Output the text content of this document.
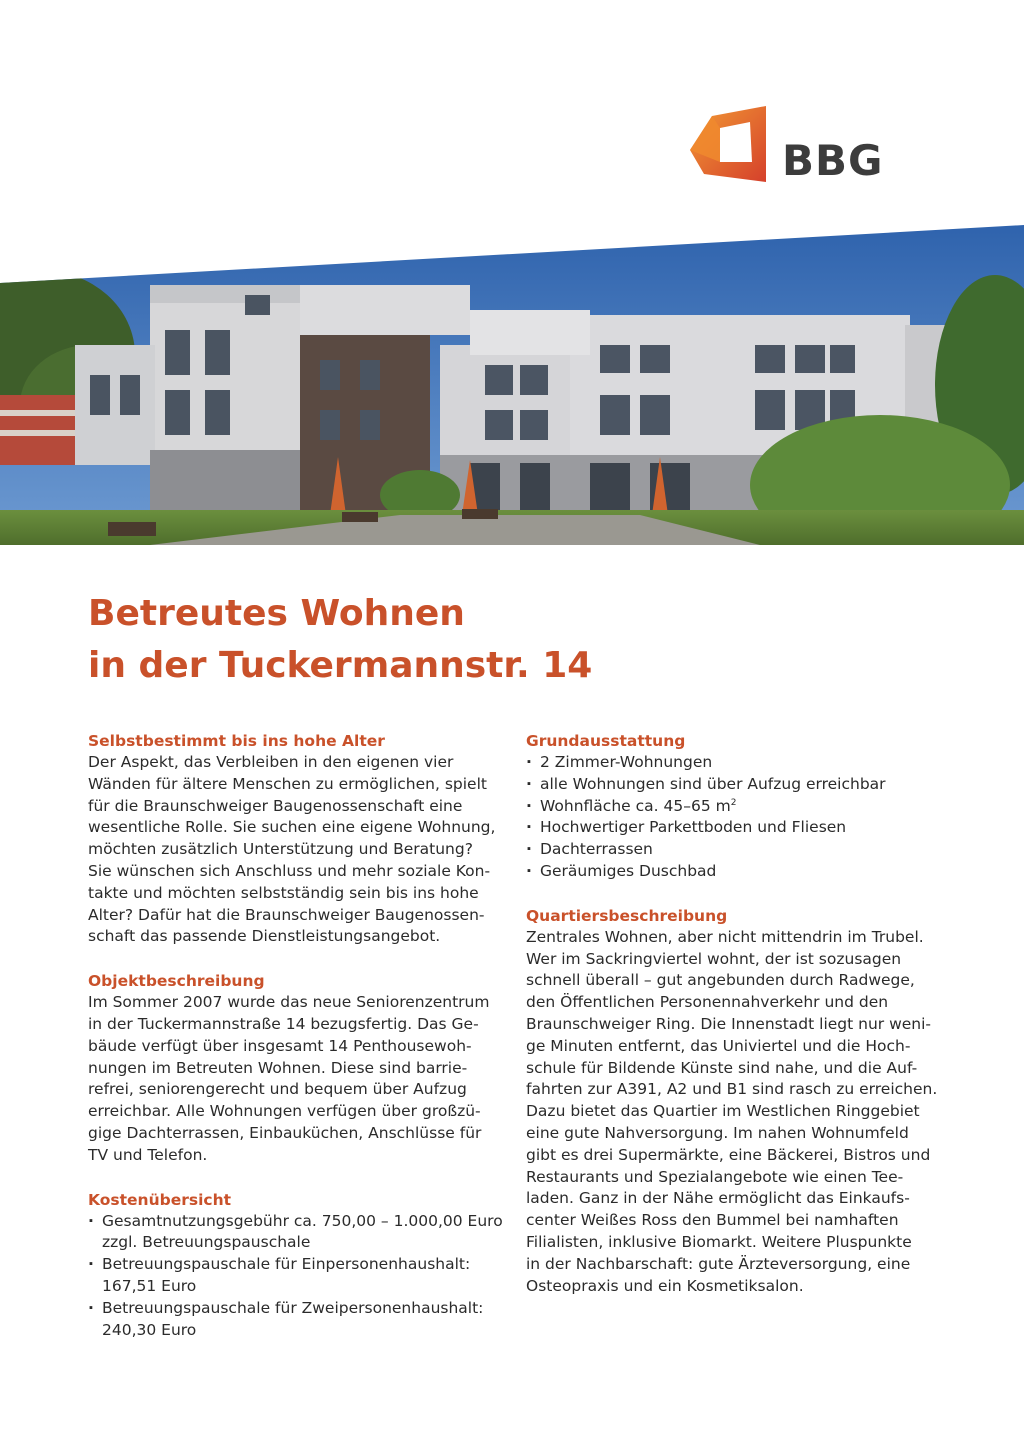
BBG
Betreutes Wohnen
in der Tuckermannstr. 14
Selbstbestimmt bis ins hohe Alter

Der Aspekt, das Verbleiben in den eigenen vier
Wänden für ältere Menschen zu ermöglichen, spielt
für die Braunschweiger Baugenossenschaft eine
wesentliche Rolle. Sie suchen eine eigene Wohnung,
möchten zusätzlich Unterstützung und Beratung?
Sie wünschen sich Anschluss und mehr soziale Kon-
takte und möchten selbstständig sein bis ins hohe
Alter? Dafür hat die Braunschweiger Baugenossen-
schaft das passende Dienstleistungsangebot.

Objektbeschreibung

Im Sommer 2007 wurde das neue Seniorenzentrum
in der Tuckermannstraße 14 bezugsfertig. Das Ge-
bäude verfügt über insgesamt 14 Penthousewoh-
nungen im Betreuten Wohnen. Diese sind barrie-
refrei, seniorengerecht und bequem über Aufzug
erreichbar. Alle Wohnungen verfügen über großzü-
gige Dachterrassen, Einbauküchen, Anschlüsse für
TV und Telefon.

Kostenübersicht
· Gesamtnutzungsgebühr ca. 750,00 – 1.000,00 Euro
zzgl. Betreuungspauschale
· Betreuungspauschale für Einpersonenhaushalt:
167,51 Euro
· Betreuungspauschale für Zweipersonenhaushalt:
240,30 Euro
Grundausstattung
· 2 Zimmer-Wohnungen
· alle Wohnungen sind über Aufzug erreichbar
· Wohnfläche ca. 45–65 $m^2$
· Hochwertiger Parkettboden und Fliesen
· Dachterrassen
· Geräumiges Duschbad
Quartiersbeschreibung

Zentrales Wohnen, aber nicht mittendrin im Trubel.
Wer im Sackringviertel wohnt, der ist sozusagen
schnell überall – gut angebunden durch Radwege,
den Öffentlichen Personennahverkehr und den
Braunschweiger Ring. Die Innenstadt liegt nur weni-
ge Minuten entfernt, das Univiertel und die Hoch-
schule für Bildende Künste sind nahe, und die Auf-
fahrten zur A391, A2 und B1 sind rasch zu erreichen.
Dazu bietet das Quartier im Westlichen Ringgebiet
eine gute Nahversorgung. Im nahen Wohnumfeld
gibt es drei Supermärkte, eine Bäckerei, Bistros und
Restaurants und Spezialangebote wie einen Tee-
laden. Ganz in der Nähe ermöglicht das Einkaufs-
center Weißes Ross den Bummel bei namhaften
Filialisten, inklusive Biomarkt. Weitere Pluspunkte
in der Nachbarschaft: gute Ärzteversorgung, eine
Osteopraxis und ein Kosmetiksalon.
